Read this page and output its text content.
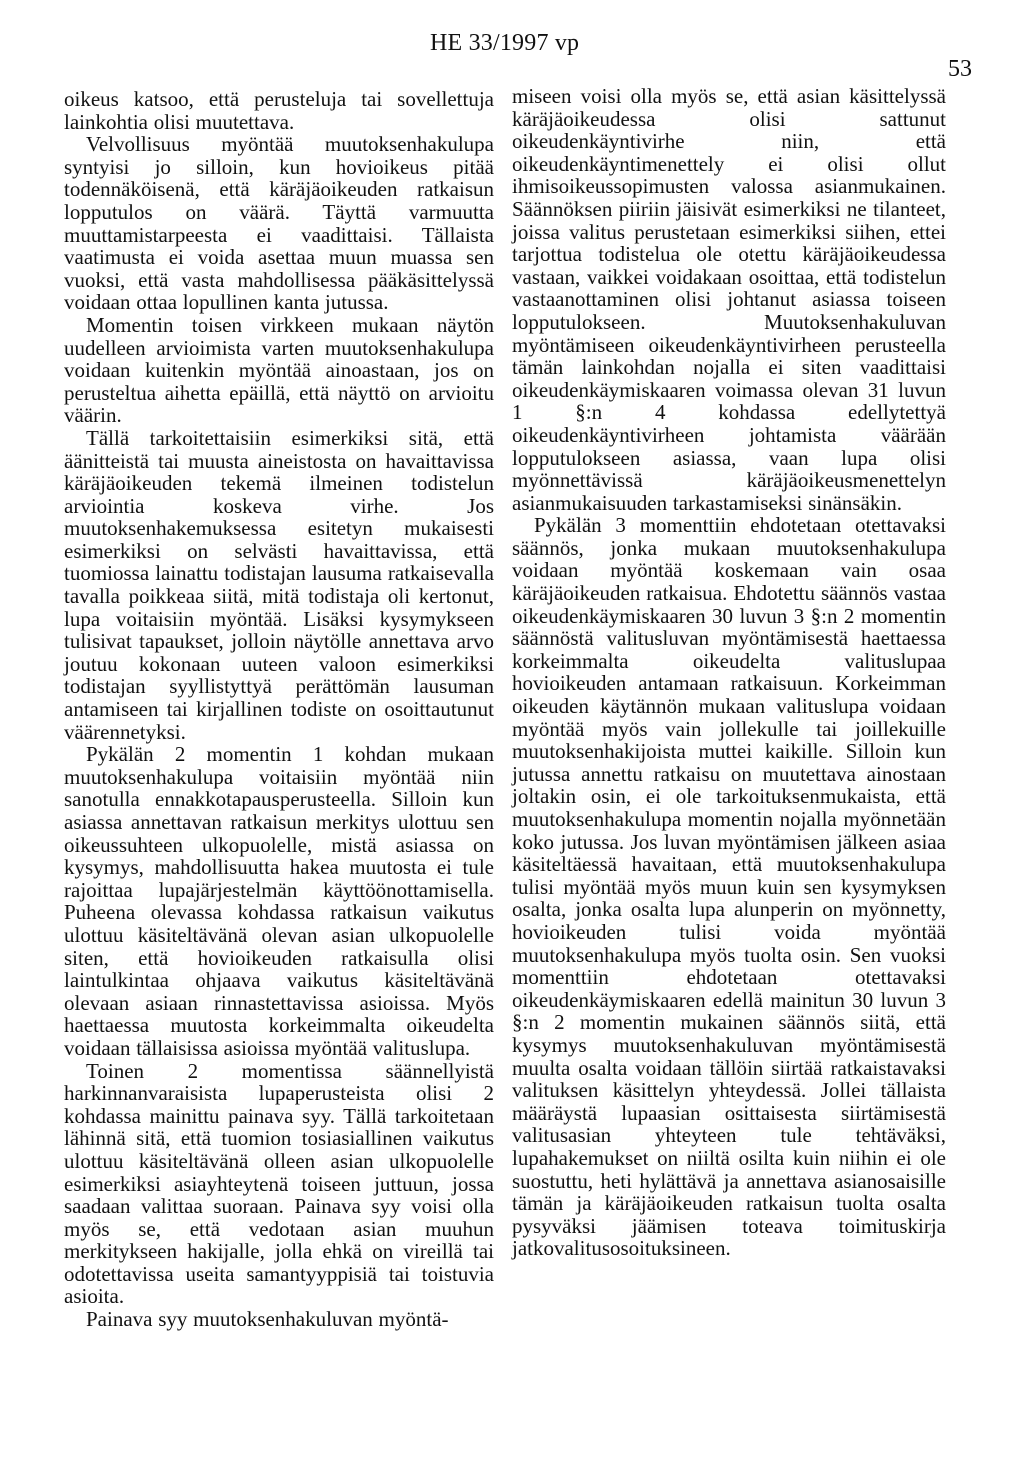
HE 33/1997 vp
53

oikeus katsoo, että perusteluja tai sovellettuja lainkohtia olisi muutettava.

Velvollisuus myöntää muutoksenhakulupa syntyisi jo silloin, kun hovioikeus pitää todennäköisenä, että käräjäoikeuden ratkaisun lopputulos on väärä. Täyttä varmuutta muuttamistarpeesta ei vaadittaisi. Tällaista vaatimusta ei voida asettaa muun muassa sen vuoksi, että vasta mahdollisessa pääkäsittelyssä voidaan ottaa lopullinen kanta jutussa.

Momentin toisen virkkeen mukaan näytön uudelleen arvioimista varten muutoksenhakulupa voidaan kuitenkin myöntää ainoastaan, jos on perusteltua aihetta epäillä, että näyttö on arvioitu väärin.

Tällä tarkoitettaisiin esimerkiksi sitä, että äänitteistä tai muusta aineistosta on havaittavissa käräjäoikeuden tekemä ilmeinen todistelun arviointia koskeva virhe. Jos muutoksenhakemuksessa esitetyn mukaisesti esimerkiksi on selvästi havaittavissa, että tuomiossa lainattu todistajan lausuma ratkaisevalla tavalla poikkeaa siitä, mitä todistaja oli kertonut, lupa voitaisiin myöntää. Lisäksi kysymykseen tulisivat tapaukset, jolloin näytölle annettava arvo joutuu kokonaan uuteen valoon esimerkiksi todistajan syyllistyttyä perättömän lausuman antamiseen tai kirjallinen todiste on osoittautunut väärennetyksi.

Pykälän 2 momentin 1 kohdan mukaan muutoksenhakulupa voitaisiin myöntää niin sanotulla ennakkotapausperusteella. Silloin kun asiassa annettavan ratkaisun merkitys ulottuu sen oikeussuhteen ulkopuolelle, mistä asiassa on kysymys, mahdollisuutta hakea muutosta ei tule rajoittaa lupajärjestelmän käyttöönottamisella. Puheena olevassa kohdassa ratkaisun vaikutus ulottuu käsiteltävänä olevan asian ulkopuolelle siten, että hovioikeuden ratkaisulla olisi laintulkintaa ohjaava vaikutus käsiteltävänä olevaan asiaan rinnastettavissa asioissa. Myös haettaessa muutosta korkeimmalta oikeudelta voidaan tällaisissa asioissa myöntää valituslupa.

Toinen 2 momentissa säännellyistä harkinnanvaraisista lupaperusteista olisi 2 kohdassa mainittu painava syy. Tällä tarkoitetaan lähinnä sitä, että tuomion tosiasiallinen vaikutus ulottuu käsiteltävänä olleen asian ulkopuolelle esimerkiksi asiayhteytenä toiseen juttuun, jossa saadaan valittaa suoraan. Painava syy voisi olla myös se, että vedotaan asian muuhun merkitykseen hakijalle, jolla ehkä on vireillä tai odotettavissa useita samantyyppisiä tai toistuvia asioita.

Painava syy muutoksenhakuluvan myöntä-

miseen voisi olla myös se, että asian käsittelyssä käräjäoikeudessa olisi sattunut oikeudenkäyntivirhe niin, että oikeudenkäyntimenettely ei olisi ollut ihmisoikeussopimusten valossa asianmukainen. Säännöksen piiriin jäisivät esimerkiksi ne tilanteet, joissa valitus perustetaan esimerkiksi siihen, ettei tarjottua todistelua ole otettu käräjäoikeudessa vastaan, vaikkei voidakaan osoittaa, että todistelun vastaanottaminen olisi johtanut asiassa toiseen lopputulokseen. Muutoksenhakuluvan myöntämiseen oikeudenkäyntivirheen perusteella tämän lainkohdan nojalla ei siten vaadittaisi oikeudenkäymiskaaren voimassa olevan 31 luvun 1 §:n 4 kohdassa edellytettyä oikeudenkäyntivirheen johtamista väärään lopputulokseen asiassa, vaan lupa olisi myönnettävissä käräjäoikeusmenettelyn asianmukaisuuden tarkastamiseksi sinänsäkin.

Pykälän 3 momenttiin ehdotetaan otettavaksi säännös, jonka mukaan muutoksenhakulupa voidaan myöntää koskemaan vain osaa käräjäoikeuden ratkaisua. Ehdotettu säännös vastaa oikeudenkäymiskaaren 30 luvun 3 §:n 2 momentin säännöstä valitusluvan myöntämisestä haettaessa korkeimmalta oikeudelta valituslupaa hovioikeuden antamaan ratkaisuun. Korkeimman oikeuden käytännön mukaan valituslupa voidaan myöntää myös vain jollekulle tai joillekuille muutoksenhakijoista muttei kaikille. Silloin kun jutussa annettu ratkaisu on muutettava ainostaan joltakin osin, ei ole tarkoituksenmukaista, että muutoksenhakulupa momentin nojalla myönnetään koko jutussa. Jos luvan myöntämisen jälkeen asiaa käsiteltäessä havaitaan, että muutoksenhakulupa tulisi myöntää myös muun kuin sen kysymyksen osalta, jonka osalta lupa alunperin on myönnetty, hovioikeuden tulisi voida myöntää muutoksenhakulupa myös tuolta osin. Sen vuoksi momenttiin ehdotetaan otettavaksi oikeudenkäymiskaaren edellä mainitun 30 luvun 3 §:n 2 momentin mukainen säännös siitä, että kysymys muutoksenhakuluvan myöntämisestä muulta osalta voidaan tällöin siirtää ratkaistavaksi valituksen käsittelyn yhteydessä. Jollei tällaista määräystä lupaasian osittaisesta siirtämisestä valitusasian yhteyteen tule tehtäväksi, lupahakemukset on niiltä osilta kuin niihin ei ole suostuttu, heti hylättävä ja annettava asianosaisille tämän ja käräjäoikeuden ratkaisun tuolta osalta pysyväksi jäämisen toteava toimituskirja jatkovalitusosoituksineen.
